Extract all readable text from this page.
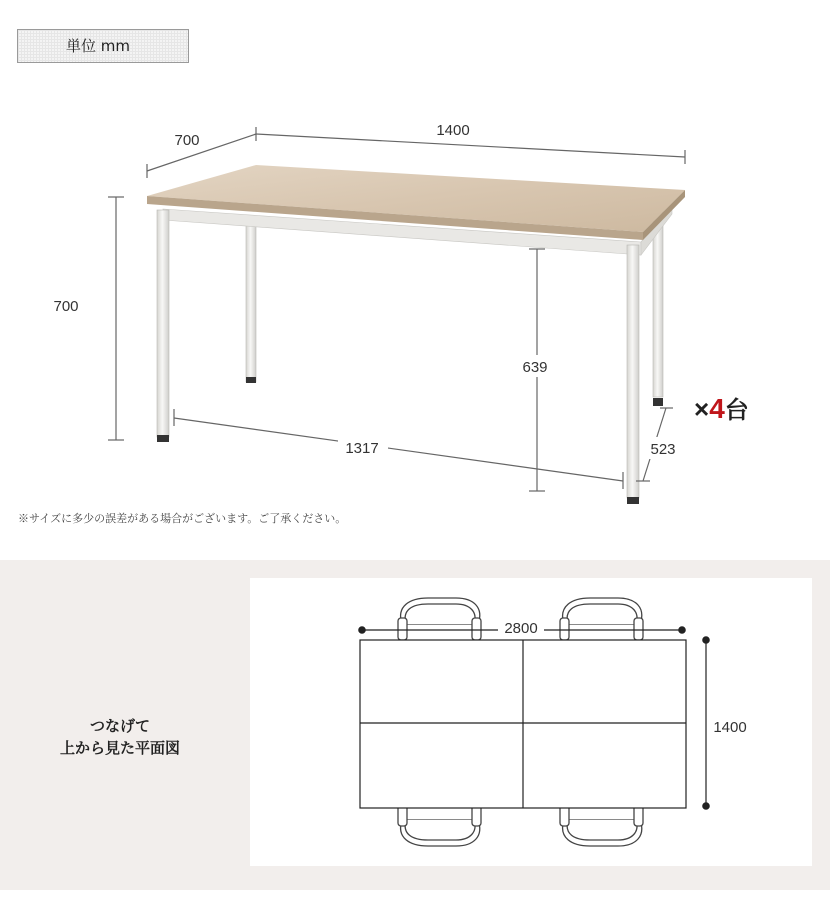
単位 mm
700
1400
700
639
1317	523
×4台
※サイズに多少の誤差がある場合がございます。ご了承ください。
つなげて
上から見た平面図
2800
1400
